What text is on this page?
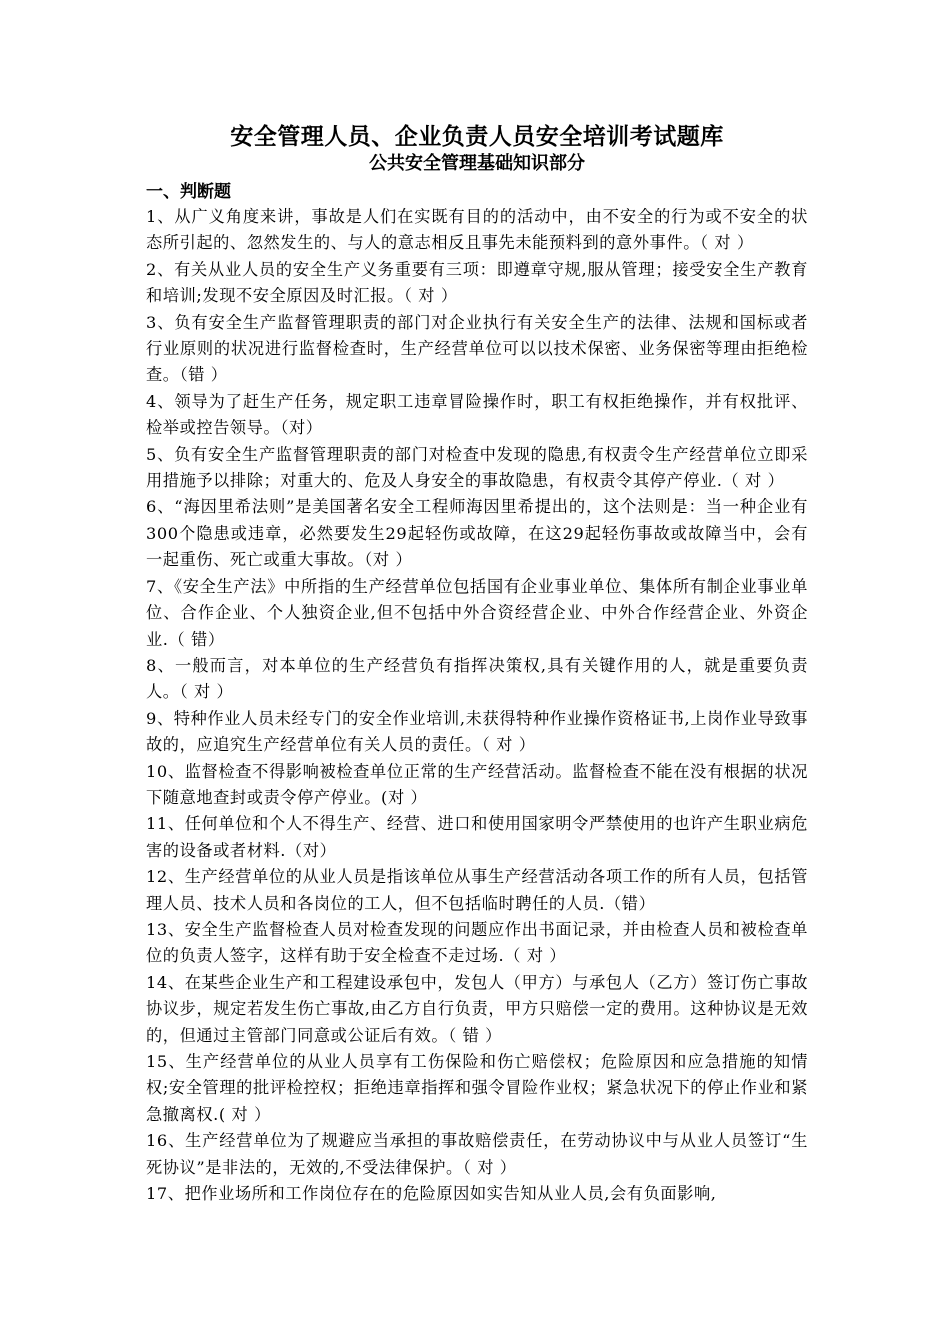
安全管理人员、企业负责人员安全培训考试题库
公共安全管理基础知识部分
一、判断题

1、从广义角度来讲，事故是人们在实既有目的的活动中，由不安全的行为或不安全的状态所引起的、忽然发生的、与人的意志相反且事先未能预料到的意外事件。（ 对 ）

2、有关从业人员的安全生产义务重要有三项：即遵章守规,服从管理；接受安全生产教育和培训;发现不安全原因及时汇报。（ 对 ）

3、负有安全生产监督管理职责的部门对企业执行有关安全生产的法律、法规和国标或者行业原则的状况进行监督检查时，生产经营单位可以以技术保密、业务保密等理由拒绝检查。（错 ）

4、领导为了赶生产任务，规定职工违章冒险操作时，职工有权拒绝操作，并有权批评、检举或控告领导。（对）

5、负有安全生产监督管理职责的部门对检查中发现的隐患,有权责令生产经营单位立即采用措施予以排除；对重大的、危及人身安全的事故隐患，有权责令其停产停业.（ 对 ）

6、“海因里希法则”是美国著名安全工程师海因里希提出的，这个法则是：当一种企业有300个隐患或违章，必然要发生29起轻伤或故障，在这29起轻伤事故或故障当中，会有一起重伤、死亡或重大事故。（对 ）

7、《安全生产法》中所指的生产经营单位包括国有企业事业单位、集体所有制企业事业单位、合作企业、个人独资企业,但不包括中外合资经营企业、中外合作经营企业、外资企业.（ 错）

8、一般而言，对本单位的生产经营负有指挥决策权,具有关键作用的人，就是重要负责人。（ 对 ）

9、特种作业人员未经专门的安全作业培训,未获得特种作业操作资格证书,上岗作业导致事故的，应追究生产经营单位有关人员的责任。（ 对 ）

10、监督检查不得影响被检查单位正常的生产经营活动。监督检查不能在没有根据的状况下随意地查封或责令停产停业。(对 ）

11、任何单位和个人不得生产、经营、进口和使用国家明令严禁使用的也许产生职业病危害的设备或者材料.（对）

12、生产经营单位的从业人员是指该单位从事生产经营活动各项工作的所有人员，包括管理人员、技术人员和各岗位的工人，但不包括临时聘任的人员.（错）

13、安全生产监督检查人员对检查发现的问题应作出书面记录，并由检查人员和被检查单位的负责人签字，这样有助于安全检查不走过场.（ 对 ）

14、在某些企业生产和工程建设承包中，发包人（甲方）与承包人（乙方）签订伤亡事故协议步，规定若发生伤亡事故,由乙方自行负责，甲方只赔偿一定的费用。这种协议是无效的，但通过主管部门同意或公证后有效。（ 错 ）

15、生产经营单位的从业人员享有工伤保险和伤亡赔偿权；危险原因和应急措施的知情权;安全管理的批评检控权；拒绝违章指挥和强令冒险作业权；紧急状况下的停止作业和紧急撤离权.( 对 ）

16、生产经营单位为了规避应当承担的事故赔偿责任，在劳动协议中与从业人员签订“生死协议”是非法的，无效的,不受法律保护。（ 对 ）

17、把作业场所和工作岗位存在的危险原因如实告知从业人员,会有负面影响,
